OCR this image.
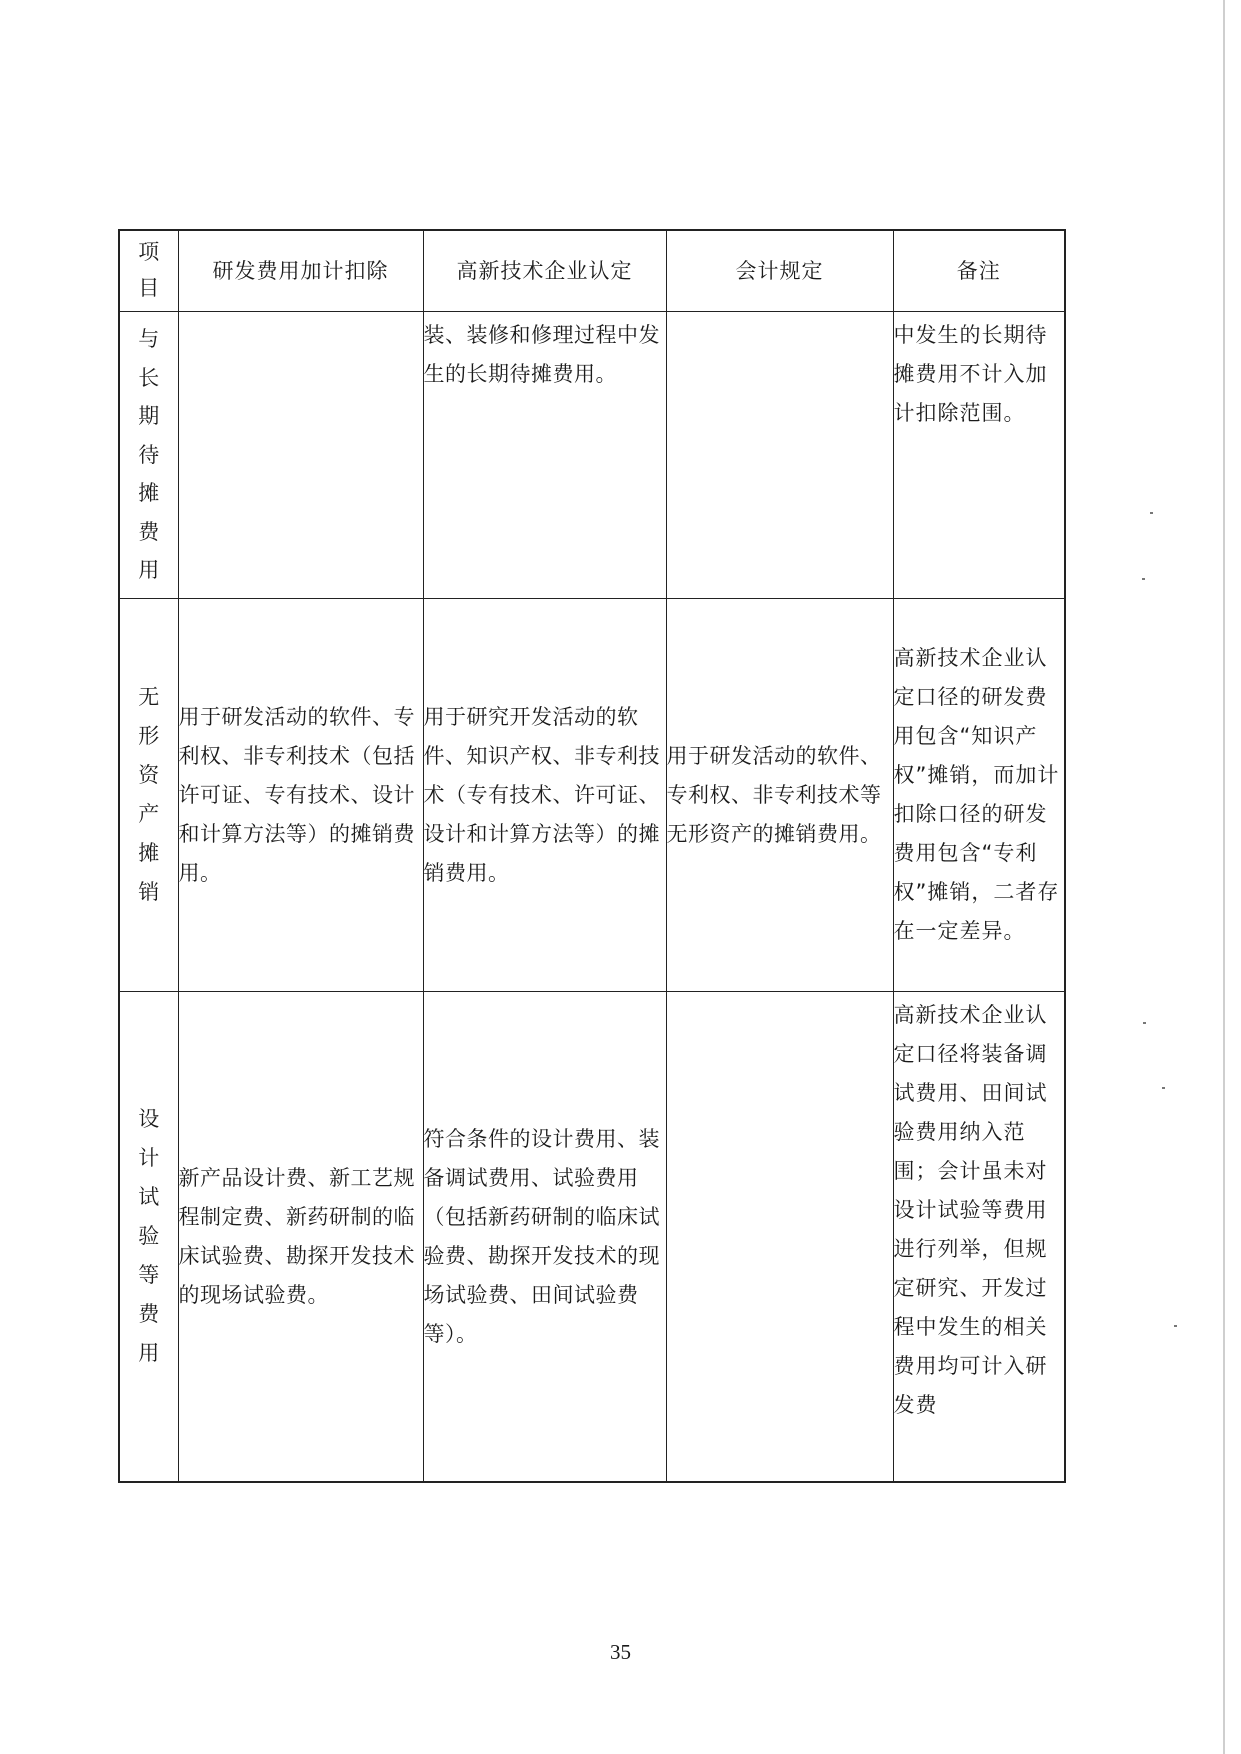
项目	研发费用加计扣除	高新技术企业认定	会计规定	备注
与长期待摊费用		装、装修和修理过程中发生的长期待摊费用。		中发生的长期待摊费用不计入加计扣除范围。
无形资产摊销	用于研发活动的软件、专利权、非专利技术（包括许可证、专有技术、设计和计算方法等）的摊销费用。	用于研究开发活动的软件、知识产权、非专利技术（专有技术、许可证、设计和计算方法等）的摊销费用。	用于研发活动的软件、专利权、非专利技术等无形资产的摊销费用。	高新技术企业认定口径的研发费用包含“知识产权”摊销，而加计扣除口径的研发费用包含“专利权”摊销，二者存在一定差异。
设计试验等费用	新产品设计费、新工艺规程制定费、新药研制的临床试验费、勘探开发技术的现场试验费。	符合条件的设计费用、装备调试费用、试验费用（包括新药研制的临床试验费、勘探开发技术的现场试验费、田间试验费等）。		高新技术企业认定口径将装备调试费用、田间试验费用纳入范围；会计虽未对设计试验等费用进行列举，但规定研究、开发过程中发生的相关费用均可计入研发费
35
